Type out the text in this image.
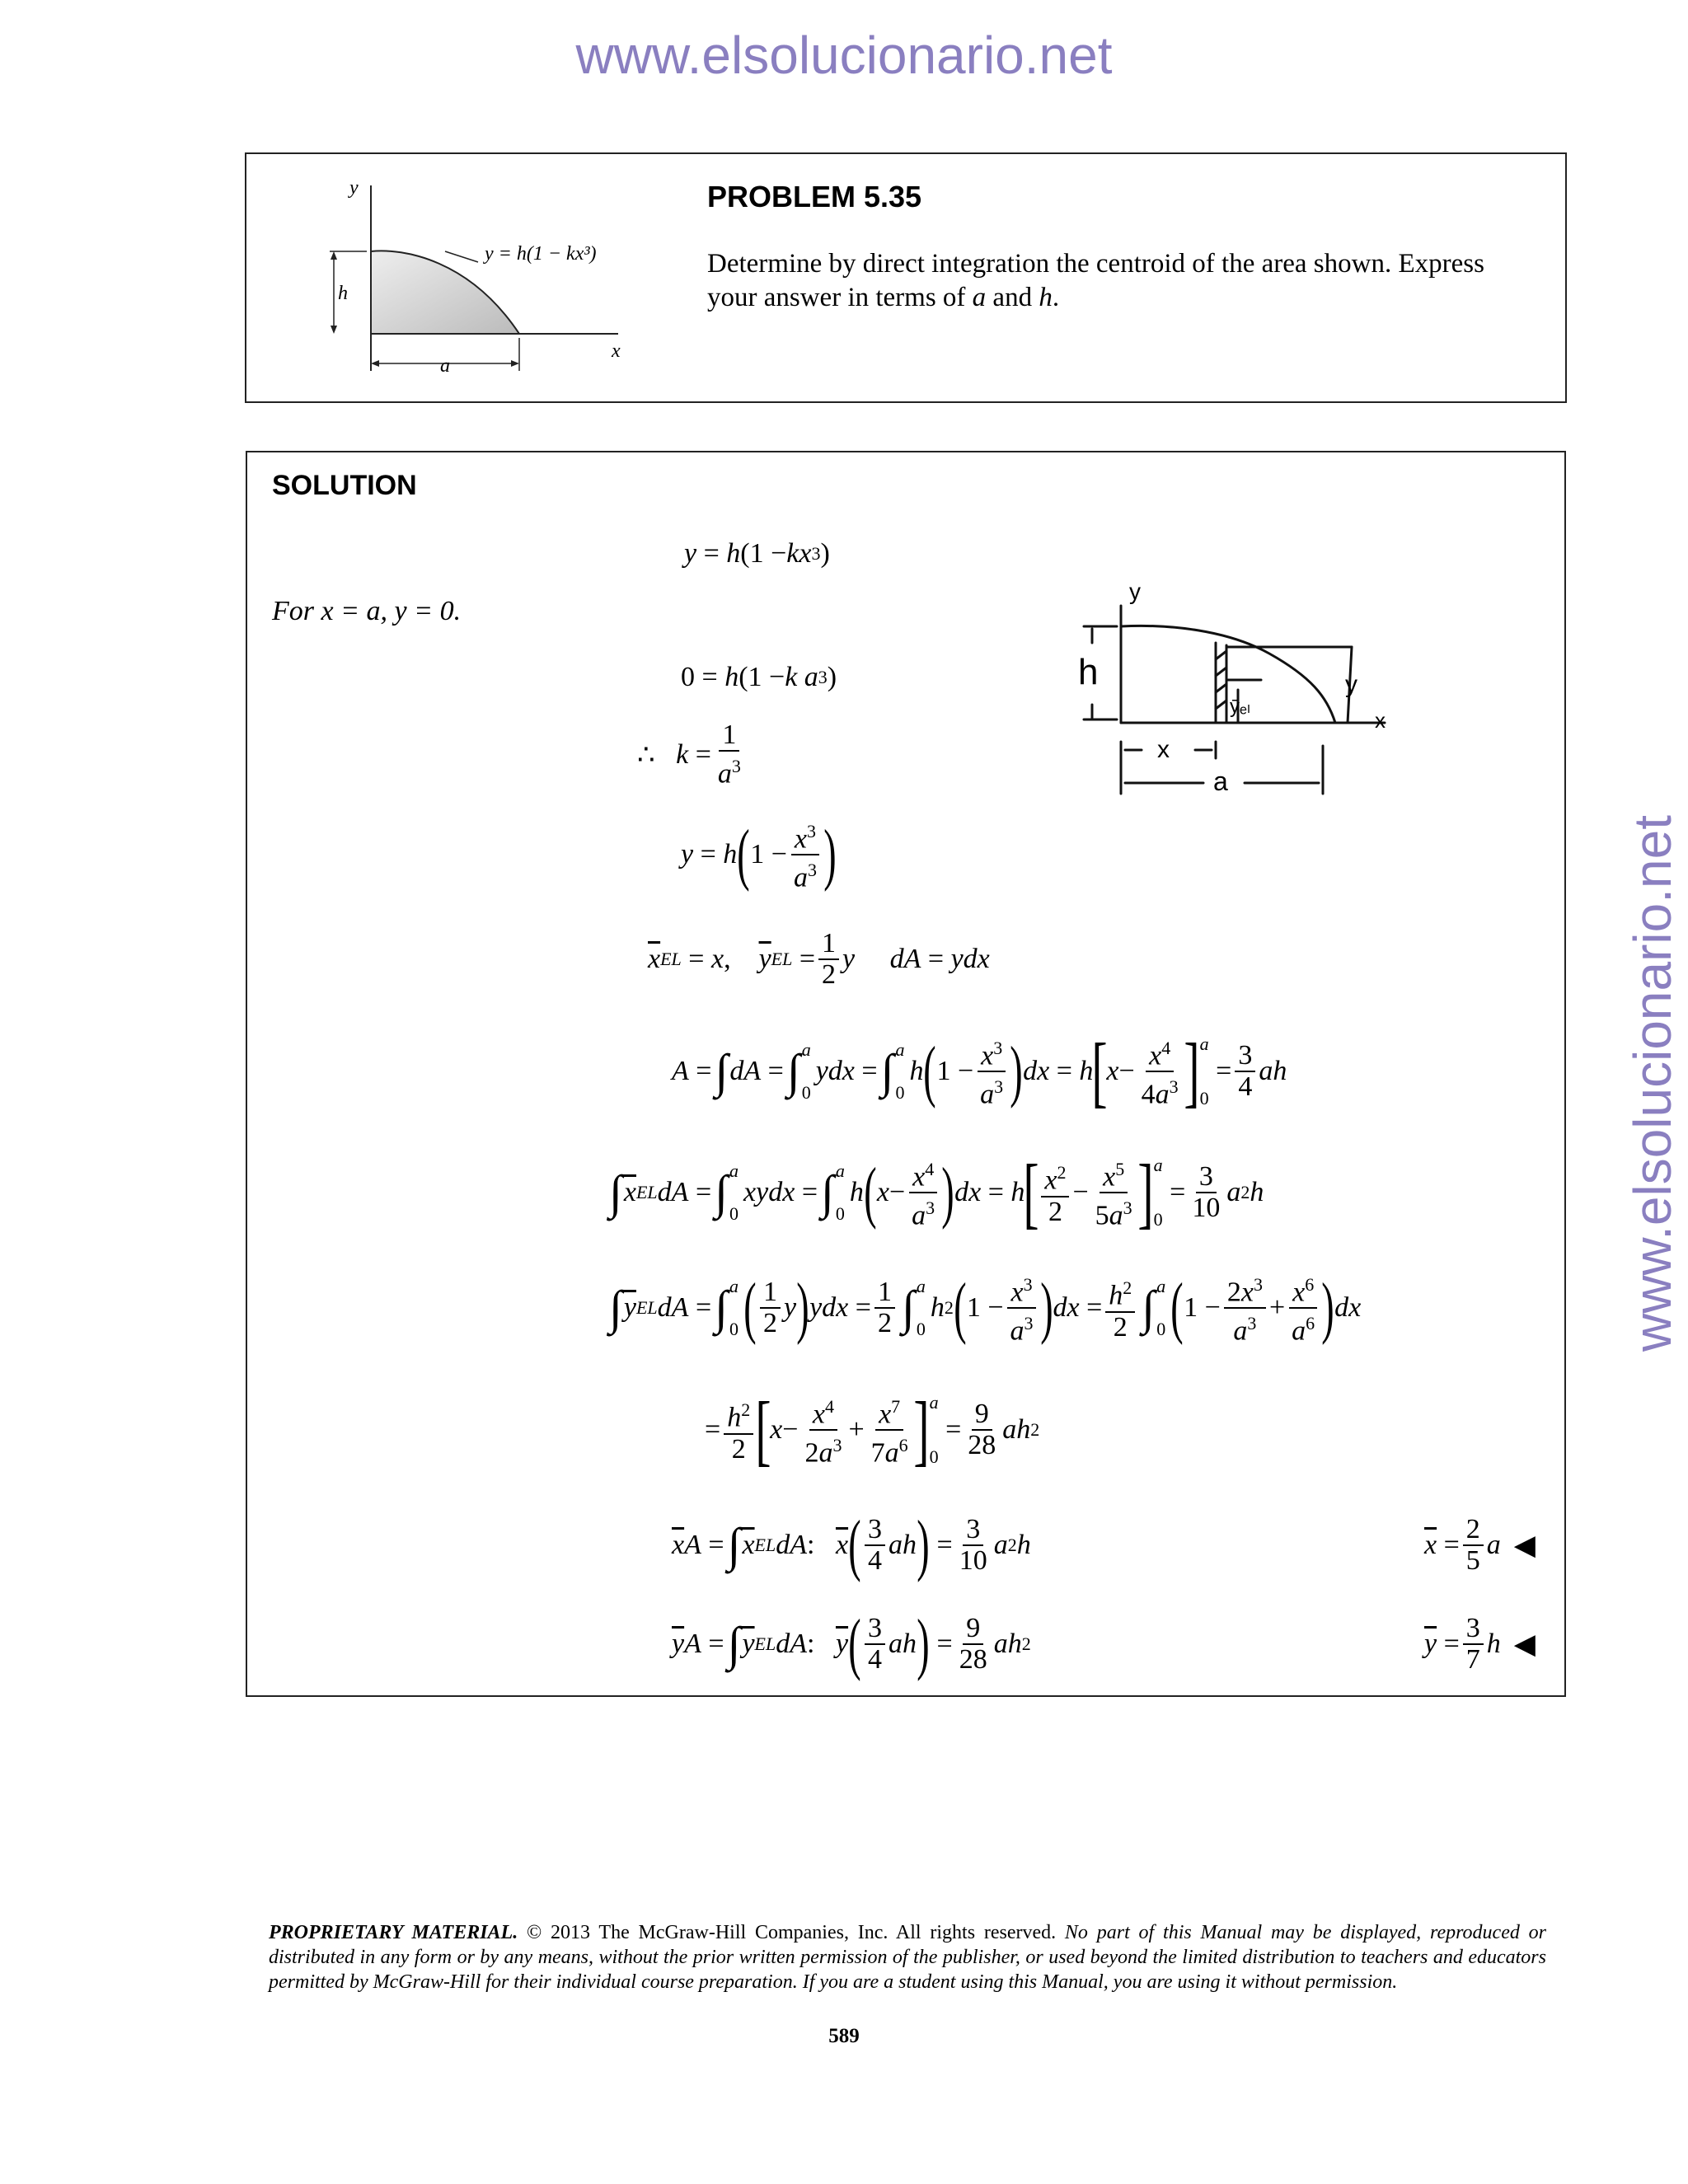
www.elsolucionario.net
www.elsolucionario.net
y
x
y = h(1 − kx³)
h
a
PROBLEM 5.35
Determine by direct integration the centroid of the area shown. Express your answer in terms of a and h.
SOLUTION
y = h (1 − kx 3 )
For x = a, y = 0.
0 = h (1 − k a 3 )
∴
$k = \frac{1}{a^3}$
y = h ( $1 - \frac{x^3}{a^3}$ )
$\overline{x}$ EL = x , $\overline{y}$ EL = $\frac{1}{2}$ y
dA = ydx
A = ∫ dA = ∫ a
0
ydx = ∫ a
0
h ( $1 - \frac{x^3}{a^3}$ ) dx = h
[
$x - \frac{x^4}{4a^3}$ ] a
0
= $\frac{3}{4}$ ah
∫ $\overline{x}$ EL dA = ∫ a
0
xydx = ∫ a
0
h ( $x - \frac{x^4}{a^3}$ ) dx = h
[ $\frac{x^2}{2} - \frac{x^5}{5a^3}$ ] a
0
= $\frac{3}{10}$ a 2 h
∫ $\overline{y}$ EL dA = ∫ a
0 ( $\frac{1}{2}$ y ) ydx = $\frac{1}{2}$ ∫ a
0
h 2 ( $1 - \frac{x^3}{a^3}$ ) dx = $\frac{h^2}{2}$ ∫ a
0 ( $1 - \frac{2x^3}{a^3} + \frac{x^6}{a^6}$ ) dx
= $\frac{h^2}{2}$ [
$x - \frac{x^4}{2a^3} + \frac{x^7}{7a^6}$ ] a
0
= $\frac{9}{28}$ ah 2
$\overline{x}$ A = ∫ $\overline{x}$ EL dA : $\overline{x}$ ( $\frac{3}{4}$ ah ) = $\frac{3}{10}$ a 2 h	$\overline{x} = \frac{2}{5}$ a ◀
$\overline{y}$ A = ∫ $\overline{y}$ EL dA : $\overline{y}$ ( $\frac{3}{4}$ ah ) = $\frac{9}{28}$ ah 2	$\overline{y} = \frac{3}{7}$ h ◀
y
h	y
x
ȳₑₗ
x
a
PROPRIETARY MATERIAL. © 2013 The McGraw-Hill Companies, Inc. All rights reserved. No part of this Manual may be displayed, reproduced or distributed in any form or by any means, without the prior written permission of the publisher, or used beyond the limited distribution to teachers and educators permitted by McGraw-Hill for their individual course preparation. If you are a student using this Manual, you are using it without permission.
589
